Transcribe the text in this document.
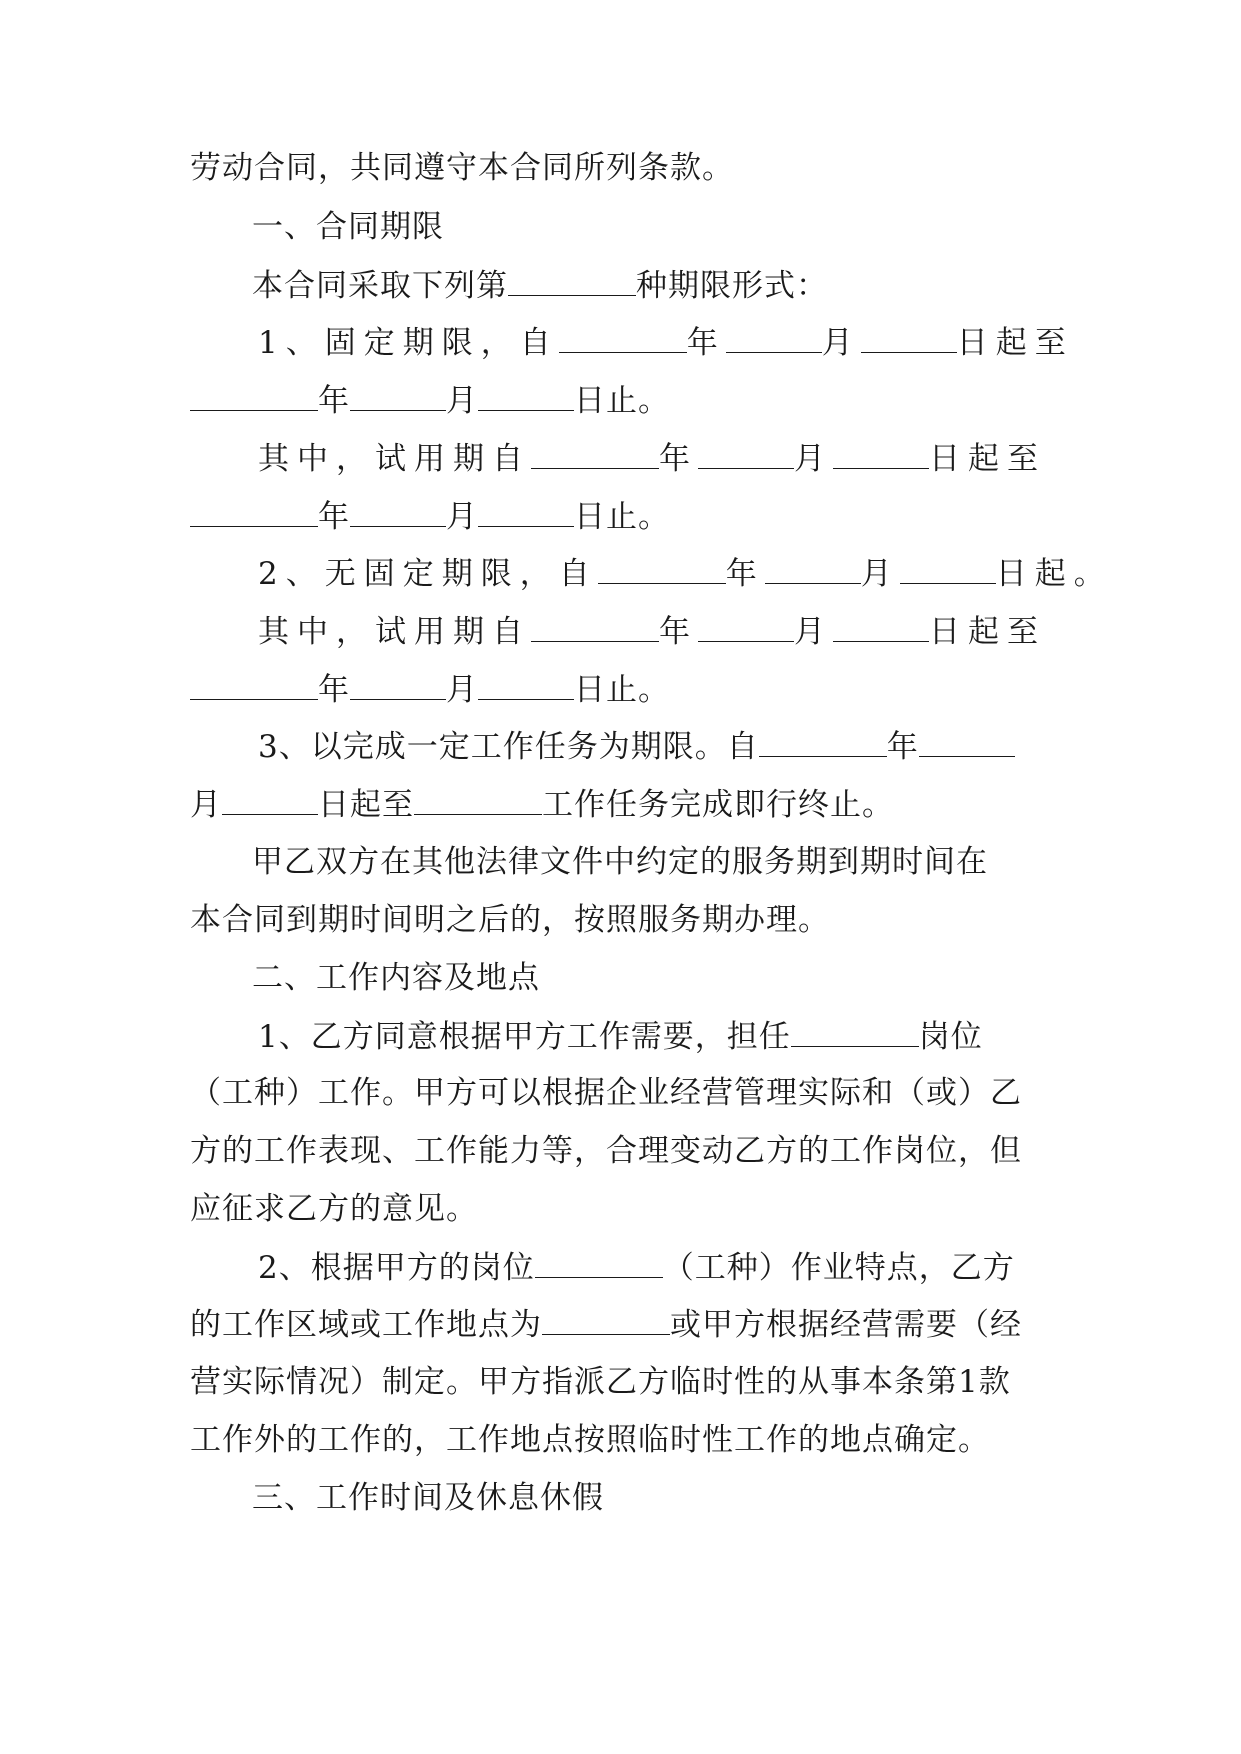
劳动合同，共同遵守本合同所列条款。
一、合同期限
本合同采取下列第	种期限形式：
1、固定期限，自	年	月	日起至
年	月	日止。
其中，试用期自	年	月	日起至
年	月	日止。
2、无固定期限，自	年	月	日起。
其中，试用期自	年	月	日起至
年	月	日止。
3、以完成一定工作任务为期限。自	年
月	日起至	工作任务完成即行终止。
甲乙双方在其他法律文件中约定的服务期到期时间在
本合同到期时间明之后的，按照服务期办理。
二、工作内容及地点
1、乙方同意根据甲方工作需要，担任	岗位
（工种）工作。甲方可以根据企业经营管理实际和（或）乙
方的工作表现、工作能力等，合理变动乙方的工作岗位，但
应征求乙方的意见。
2、根据甲方的岗位	（工种）作业特点，乙方
的工作区域或工作地点为	或甲方根据经营需要（经
营实际情况）制定。甲方指派乙方临时性的从事本条第1款
工作外的工作的，工作地点按照临时性工作的地点确定。
三、工作时间及休息休假
